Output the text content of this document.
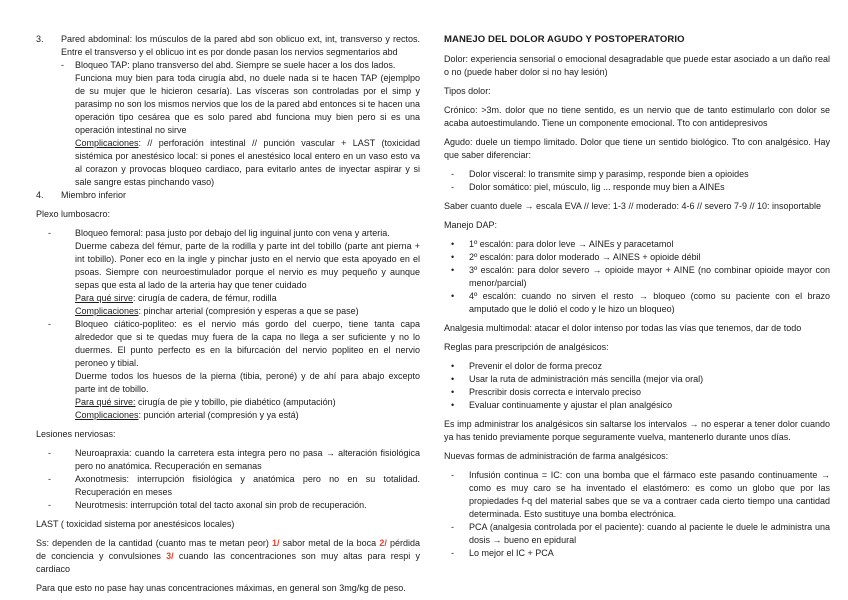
3.	Pared abdominal: los músculos de la pared abd son oblicuo ext, int, transverso y rectos. Entre el transverso y el oblicuo int es por donde pasan los nervios segmentarios abd
-	Bloqueo TAP: plano transverso del abd. Siempre se suele hacer a los dos lados.
Funciona muy bien para toda cirugía abd, no duele nada si te hacen TAP (ejemplpo de su mujer que le hicieron cesaría). Las vísceras son controladas por el simp y parasimp no son los mismos nervios que los de la pared abd entonces si te hacen una operación tipo cesárea que es solo pared abd funciona muy bien pero si es una operación intestinal no sirve
Complicaciones: // perforación intestinal // punción vascular + LAST (toxicidad sistémica por anestésico local: si pones el anestésico local entero en un vaso esto va al corazon y provocas bloqueo cardiaco, para evitarlo antes de inyectar aspirar y si sale sangre estas pinchando vaso)
4.	Miembro inferior
Plexo lumbosacro:
-	Bloqueo femoral: pasa justo por debajo del lig inguinal junto con vena y arteria.
Duerme cabeza del fémur, parte de la rodilla y parte int del tobillo (parte ant pierna + int tobillo). Poner eco en la ingle y pinchar justo en el nervio que esta apoyado en el psoas. Siempre con neuroestimulador porque el nervio es muy pequeño y aunque sepas que esta al lado de la arteria hay que tener cuidado
Para qué sirve: cirugía de cadera, de fémur, rodilla
Complicaciones: pinchar arterial (compresión y esperas a que se pase)
-	Bloqueo ciático-popliteo: es el nervio más gordo del cuerpo, tiene tanta capa alrededor que si te quedas muy fuera de la capa no llega a ser suficiente y no lo duermes. El punto perfecto es en la bifurcación del nervio popliteo en el nervio peroneo y tibial.
Duerme todos los huesos de la pierna (tibia, peroné) y de ahí para abajo excepto parte int de tobillo.
Para qué sirve: cirugía de pie y tobillo, pie diabético (amputación)
Complicaciones: punción arterial (compresión y ya está)
Lesiones nerviosas:
-	Neuroapraxia: cuando la carretera esta integra pero no pasa → alteración fisiológica pero no anatómica. Recuperación en semanas
-	Axonotmesis: interrupción fisiológica y anatómica pero no en su totalidad. Recuperación en meses
-	Neurotmesis: interrupción total del tacto axonal sin prob de recuperación.
LAST ( toxicidad sistema por anestésicos locales)
Ss: dependen de la cantidad (cuanto mas te metan peor) 1/ sabor metal de la boca 2/ pérdida de conciencia y convulsiones 3/ cuando las concentraciones son muy altas para respi y cardiaco
Para que esto no pase hay unas concentraciones máximas, en general son 3mg/kg de peso.
MANEJO DEL DOLOR AGUDO Y POSTOPERATORIO
Dolor: experiencia sensorial o emocional desagradable que puede estar asociado a un daño real o no (puede haber dolor si no hay lesión)
Tipos dolor:
Crónico: >3m. dolor que no tiene sentido, es un nervio que de tanto estimularlo con dolor se acaba autoestimulando. Tiene un componente emocional. Tto con antidepresivos
Agudo: duele un tiempo limitado. Dolor que tiene un sentido biológico. Tto con analgésico. Hay que saber diferenciar:
-	Dolor visceral: lo transmite simp y parasimp, responde bien a opioides
-	Dolor somático: piel, músculo, lig ... responde muy bien a AINEs
Saber cuanto duele → escala EVA // leve: 1-3 // moderado: 4-6 // severo 7-9 // 10: insoportable
Manejo DAP:
•	1º escalón: para dolor leve → AINEs y paracetamol
•	2º escalón: para dolor moderado → AINES + opioide débil
•	3º escalón: para dolor severo → opioide mayor + AINE (no combinar opioide mayor con menor/parcial)
•	4º escalón: cuando no sirven el resto → bloqueo (como su paciente con el brazo amputado que le dolió el codo y le hizo un bloqueo)
Analgesia multimodal: atacar el dolor intenso por todas las vías que tenemos, dar de todo
Reglas para prescripción de analgésicos:
•	Prevenir el dolor de forma precoz
•	Usar la ruta de administración más sencilla (mejor via oral)
•	Prescribir dosis correcta e intervalo preciso
•	Evaluar continuamente y ajustar el plan analgésico
Es imp administrar los analgésicos sin saltarse los intervalos → no esperar a tener dolor cuando ya has tenido previamente porque seguramente vuelva, mantenerlo durante unos días.
Nuevas formas de administración de farma analgésicos:
-	Infusión continua = IC: con una bomba que el fármaco este pasando continuamente → como es muy caro se ha inventado el elastómero: es como un globo que por las propiedades f-q del material sabes que se va a contraer cada cierto tiempo una cantidad determinada. Esto sustituye una bomba electrónica.
-	PCA (analgesia controlada por el paciente): cuando al paciente le duele le administra una dosis → bueno en epidural
-	Lo mejor el IC + PCA
